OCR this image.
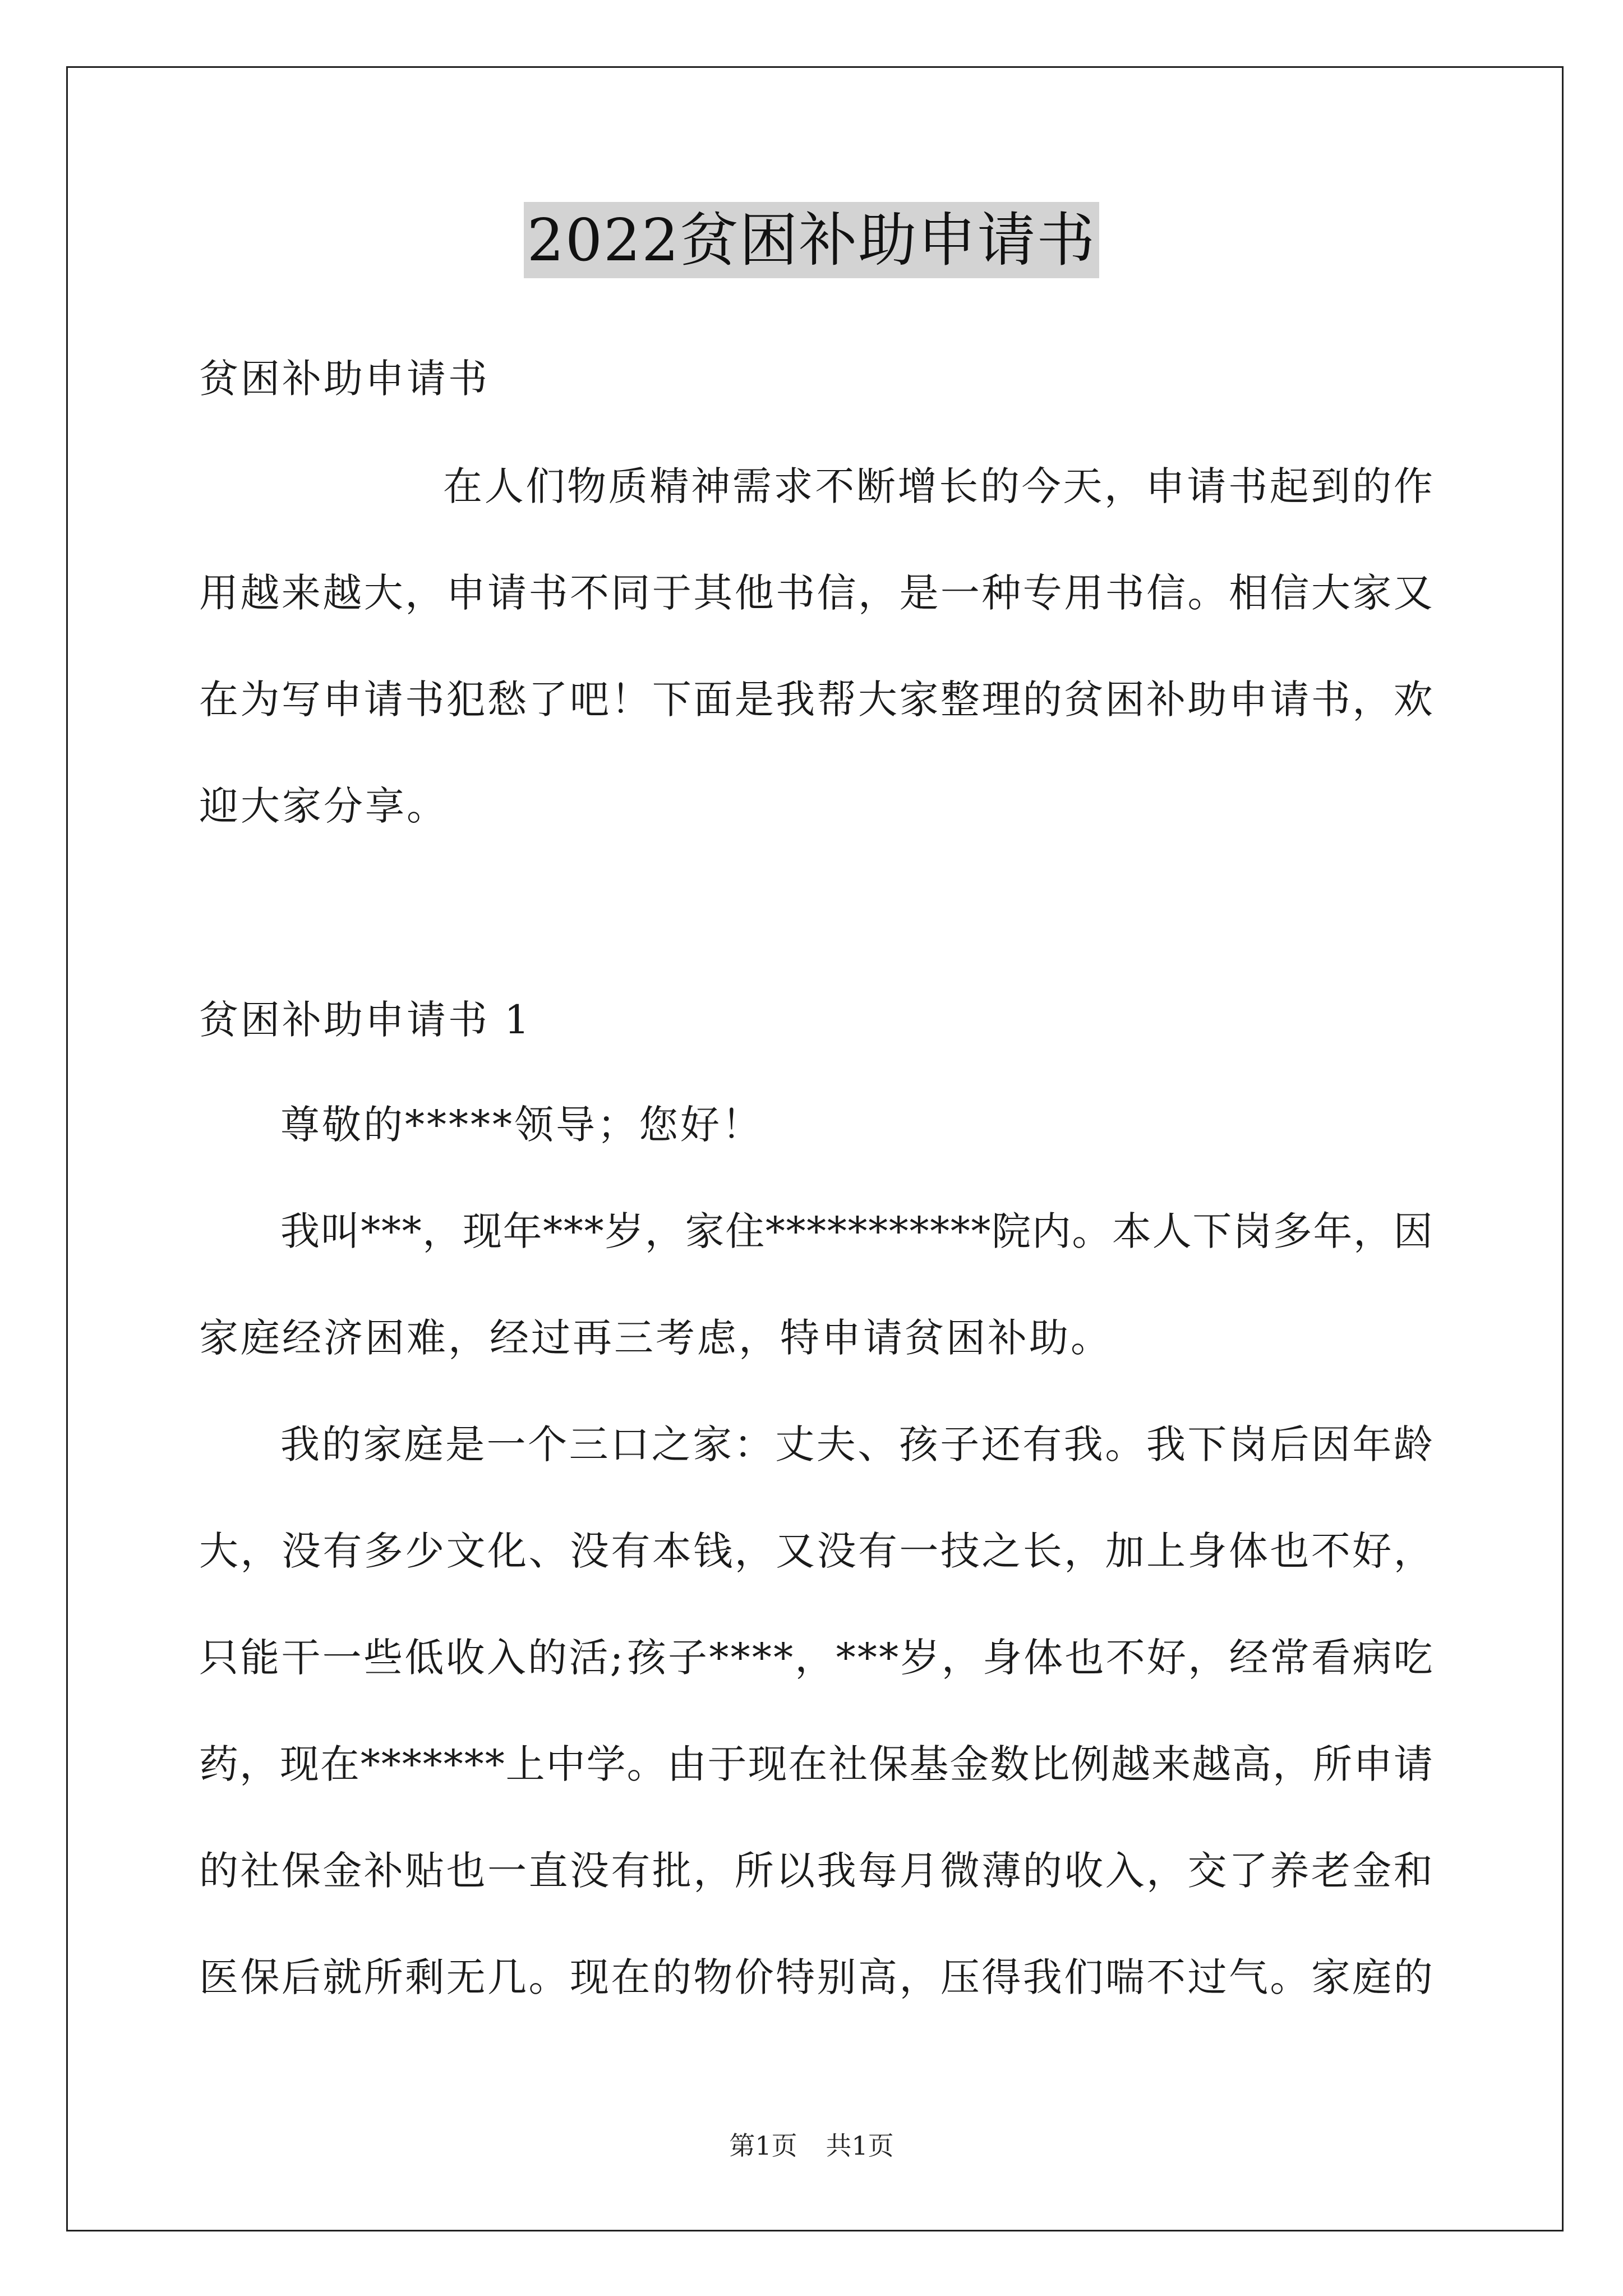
2022贫困补助申请书
贫困补助申请书
在 人 们 物 质 精 神 需 求 不 断 增 长 的 今 天 ， 申 请 书 起 到 的 作
用 越 来 越 大 ， 申 请 书 不 同 于 其 他 书 信 ， 是 一 种 专 用 书 信 。 相 信 大 家 又
在 为 写 申 请 书 犯 愁 了 吧 ！ 下 面 是 我 帮 大 家 整 理 的 贫 困 补 助 申 请 书 ， 欢
迎大家分享。
贫困补助申请书 1
尊敬的*****领导；您好！
我 叫 * * * ， 现 年 * * * 岁 ， 家 住 * * * * * * * * * * * 院 内 。 本 人 下 岗 多 年 ， 因
家庭经济困难，经过再三考虑，特申请贫困补助。
我 的 家 庭 是 一 个 三 口 之 家 ： 丈 夫 、 孩 子 还 有 我 。 我 下 岗 后 因 年 龄
大 ， 没 有 多 少 文 化 、 没 有 本 钱 ， 又 没 有 一 技 之 长 ， 加 上 身 体 也 不 好 ，
只 能 干 一 些 低 收 入 的 活 ; 孩 子 * * * * ， * * * 岁 ， 身 体 也 不 好 ， 经 常 看 病 吃
药 ， 现 在 * * * * * * * 上 中 学 。 由 于 现 在 社 保 基 金 数 比 例 越 来 越 高 ， 所 申 请
的 社 保 金 补 贴 也 一 直 没 有 批 ， 所 以 我 每 月 微 薄 的 收 入 ， 交 了 养 老 金 和
医 保 后 就 所 剩 无 几 。 现 在 的 物 价 特 别 高 ， 压 得 我 们 喘 不 过 气 。 家 庭 的
第1页 共1页
